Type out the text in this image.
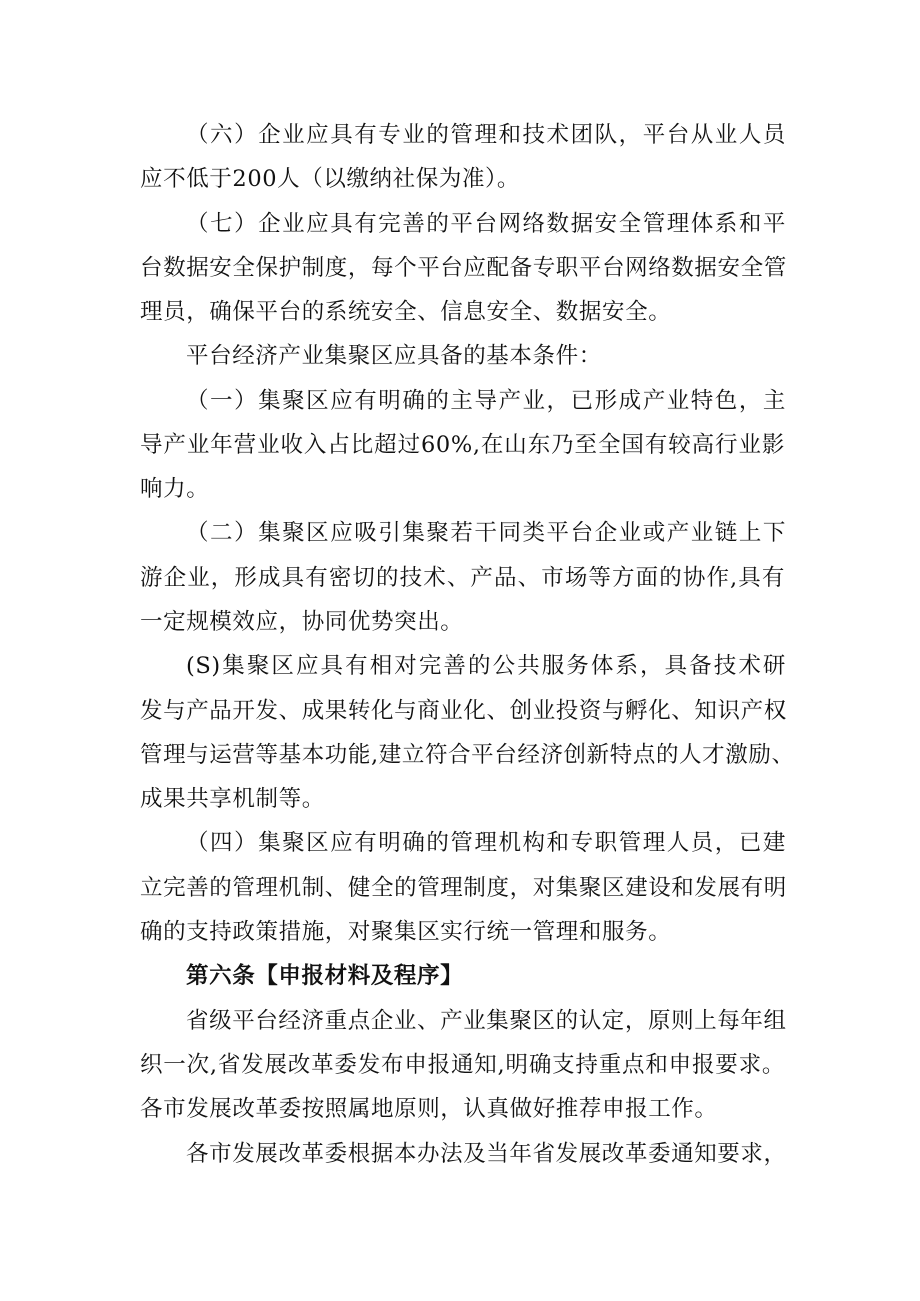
（六）企业应具有专业的管理和技术团队，平台从业人员
应不低于200人（以缴纳社保为准）。
（七）企业应具有完善的平台网络数据安全管理体系和平
台数据安全保护制度，每个平台应配备专职平台网络数据安全管
理员，确保平台的系统安全、信息安全、数据安全。
平台经济产业集聚区应具备的基本条件：
（一）集聚区应有明确的主导产业，已形成产业特色，主
导产业年营业收入占比超过60%,在山东乃至全国有较高行业影
响力。
（二）集聚区应吸引集聚若干同类平台企业或产业链上下
游企业，形成具有密切的技术、产品、市场等方面的协作,具有
一定规模效应，协同优势突出。
(S)集聚区应具有相对完善的公共服务体系，具备技术研
发与产品开发、成果转化与商业化、创业投资与孵化、知识产权
管理与运营等基本功能,建立符合平台经济创新特点的人才激励、
成果共享机制等。
（四）集聚区应有明确的管理机构和专职管理人员，已建
立完善的管理机制、健全的管理制度，对集聚区建设和发展有明
确的支持政策措施，对聚集区实行统一管理和服务。
第六条【申报材料及程序】
省级平台经济重点企业、产业集聚区的认定，原则上每年组
织一次,省发展改革委发布申报通知,明确支持重点和申报要求。
各市发展改革委按照属地原则，认真做好推荐申报工作。
各市发展改革委根据本办法及当年省发展改革委通知要求，
